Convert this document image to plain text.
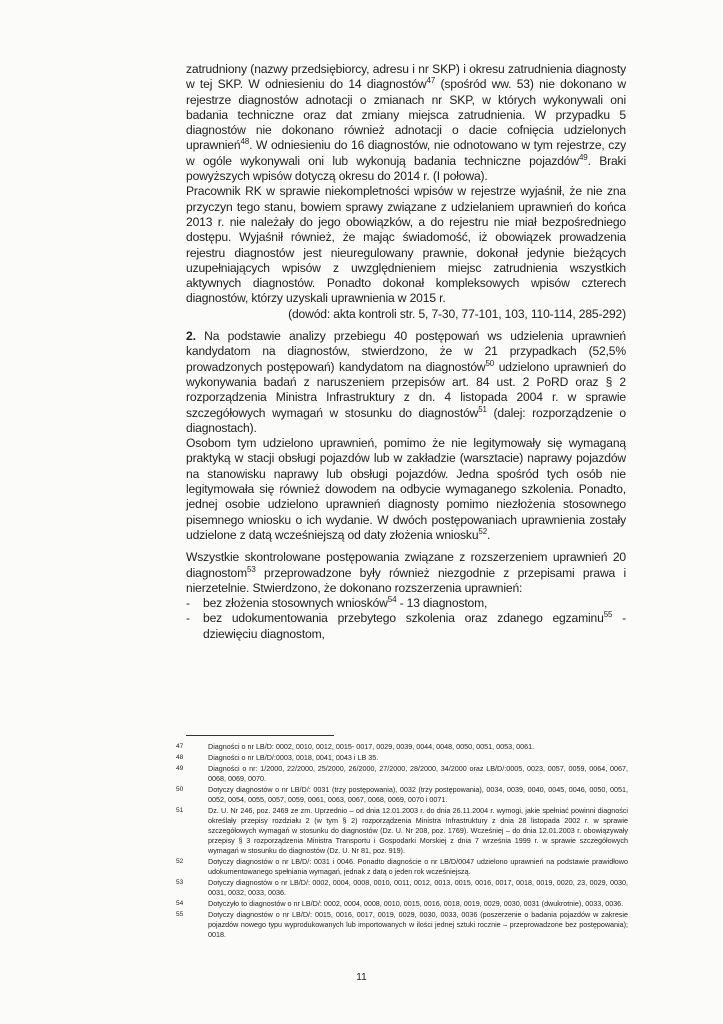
zatrudniony (nazwy przedsiębiorcy, adresu i nr SKP) i okresu zatrudnienia diagnosty w tej SKP. W odniesieniu do 14 diagnostów$^{47}$ (spośród ww. 53) nie dokonano w rejestrze diagnostów adnotacji o zmianach nr SKP, w których wykonywali oni badania techniczne oraz dat zmiany miejsca zatrudnienia. W przypadku 5 diagnostów nie dokonano również adnotacji o dacie cofnięcia udzielonych uprawnień$^{48}$. W odniesieniu do 16 diagnostów, nie odnotowano w tym rejestrze, czy w ogóle wykonywali oni lub wykonują badania techniczne pojazdów$^{49}$. Braki powyższych wpisów dotyczą okresu do 2014 r. (I połowa).

Pracownik RK w sprawie niekompletności wpisów w rejestrze wyjaśnił, że nie zna przyczyn tego stanu, bowiem sprawy związane z udzielaniem uprawnień do końca 2013 r. nie należały do jego obowiązków, a do rejestru nie miał bezpośredniego dostępu. Wyjaśnił również, że mając świadomość, iż obowiązek prowadzenia rejestru diagnostów jest nieuregulowany prawnie, dokonał jedynie bieżących uzupełniających wpisów z uwzględnieniem miejsc zatrudnienia wszystkich aktywnych diagnostów. Ponadto dokonał kompleksowych wpisów czterech diagnostów, którzy uzyskali uprawnienia w 2015 r.

(dowód: akta kontroli str. 5, 7-30, 77-101, 103, 110-114, 285-292)

2. Na podstawie analizy przebiegu 40 postępowań ws udzielenia uprawnień kandydatom na diagnostów, stwierdzono, że w 21 przypadkach (52,5% prowadzonych postępowań) kandydatom na diagnostów$^{50}$ udzielono uprawnień do wykonywania badań z naruszeniem przepisów art. 84 ust. 2 PoRD oraz § 2 rozporządzenia Ministra Infrastruktury z dn. 4 listopada 2004 r. w sprawie szczegółowych wymagań w stosunku do diagnostów$^{51}$ (dalej: rozporządzenie o diagnostach).

Osobom tym udzielono uprawnień, pomimo że nie legitymowały się wymaganą praktyką w stacji obsługi pojazdów lub w zakładzie (warsztacie) naprawy pojazdów na stanowisku naprawy lub obsługi pojazdów. Jedna spośród tych osób nie legitymowała się również dowodem na odbycie wymaganego szkolenia. Ponadto, jednej osobie udzielono uprawnień diagnosty pomimo niezłożenia stosownego pisemnego wniosku o ich wydanie. W dwóch postępowaniach uprawnienia zostały udzielone z datą wcześniejszą od daty złożenia wniosku$^{52}$.

Wszystkie skontrolowane postępowania związane z rozszerzeniem uprawnień 20 diagnostom$^{53}$ przeprowadzone były również niezgodnie z przepisami prawa i nierzetelnie. Stwierdzono, że dokonano rozszerzenia uprawnień:

- bez złożenia stosownych wniosków$^{54}$ - 13 diagnostom,
- bez udokumentowania przebytego szkolenia oraz zdanego egzaminu$^{55}$ - dziewięciu diagnostom,
47	Diagności o nr LB/D: 0002, 0010, 0012, 0015- 0017, 0029, 0039, 0044, 0048, 0050, 0051, 0053, 0061.
48	Diagności o nr LB/D/:0003, 0018, 0041, 0043 i LB 35.
49	Diagności o nr: 1/2000, 22/2000, 25/2000, 26/2000, 27/2000, 28/2000, 34/2000 oraz LB/D/:0005, 0023, 0057, 0059, 0064, 0067, 0068, 0069, 0070.
50	Dotyczy diagnostów o nr LB/D/: 0031 (trzy postępowania), 0032 (trzy postępowania), 0034, 0039, 0040, 0045, 0046, 0050, 0051, 0052, 0054, 0055, 0057, 0059, 0061, 0063, 0067, 0068, 0069, 0070 i 0071.
51	Dz. U. Nr 246, poz. 2469 ze zm. Uprzednio – od dnia 12.01.2003 r. do dnia 26.11.2004 r. wymogi, jakie spełniać powinni diagności określały przepisy rozdziału 2 (w tym § 2) rozporządzenia Ministra Infrastruktury z dnia 28 listopada 2002 r. w sprawie szczegółowych wymagań w stosunku do diagnostów (Dz. U. Nr 208, poz. 1769). Wcześniej – do dnia 12.01.2003 r. obowiązywały przepisy § 3 rozporządzenia Ministra Transportu i Gospodarki Morskiej z dnia 7 września 1999 r. w sprawie szczegółowych wymagań w stosunku do diagnostów (Dz. U. Nr 81, poz. 919).
52	Dotyczy diagnostów o nr LB/D/: 0031 i 0046. Ponadto diagnoście o nr LB/D/0047 udzielono uprawnień na podstawie prawidłowo udokumentowanego spełniania wymagań, jednak z datą o jeden rok wcześniejszą.
53	Dotyczy diagnostów o nr LB/D/: 0002, 0004, 0008, 0010, 0011, 0012, 0013, 0015, 0016, 0017, 0018, 0019, 0020, 23, 0029, 0030, 0031, 0032, 0033, 0036.
54	Dotyczyło to diagnostów o nr LB/D/: 0002, 0004, 0008, 0010, 0015, 0016, 0018, 0019, 0029, 0030, 0031 (dwukrotnie), 0033, 0036.
55	Dotyczy diagnostów o nr LB/D/: 0015, 0016, 0017, 0019, 0029, 0030, 0033, 0036 (poszerzenie o badania pojazdów w zakresie pojazdów nowego typu wyprodukowanych lub importowanych w ilości jednej sztuki rocznie – przeprowadzone bez postępowania); 0018.
11
